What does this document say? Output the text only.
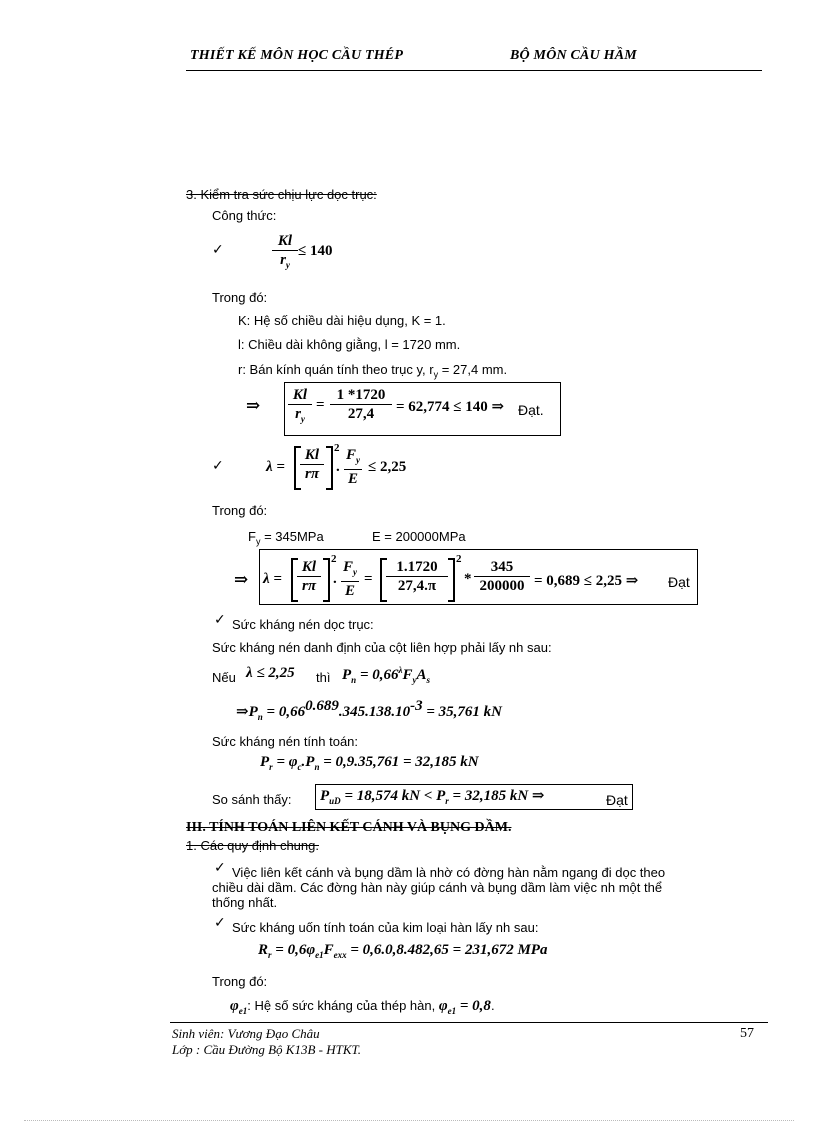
THIẾT KẾ MÔN HỌC CẦU THÉP	BỘ MÔN CẦU HẦM
3. Kiểm tra sức chịu lực dọc trục:
Công thức:
✓
Kl
$r_y$
≤ 140
Trong đó:
K: Hệ số chiều dài hiệu dụng, K = 1.
l: Chiều dài không giằng, l = 1720 mm.
r: Bán kính quán tính theo trục y, $r_y = 27,4$ mm.
⇒
Kl
$r_y$
=
1 *1720
27,4	= 62,774 ≤ 140 ⇒ Đạt.
✓	λ =
Kl
rπ
2
.
$F_y$
E
≤ 2,25
Trong đó:
$F_y = 345MPa$	E = 200000MPa
⇒ λ =
Kl
rπ
2
.
$F_y$
E
=
1.1720
27,4.π
2
*
345
200000 = 0,689 ≤ 2,25 ⇒ Đạt
✓ Sức kháng nén dọc trục:
Sức kháng nén danh định của cột liên hợp phải lấy nh sau:
Nếu λ ≤ 2,25 thì $P_n = 0,66^\lambda F_yA_s$
$\Rightarrow P_n = 0,66^{0.689}.345.138.10^{-3} = 35,761$ kN
Sức kháng nén tính toán:
$P_r = \varphi_c.P_n = 0,9.35,761 = 32,185$ kN
So sánh thấy: $P_{uD} = 18,574$ kN < $P_r = 32,185$ kN ⇒	Đạt
III. TÍNH TOÁN LIÊN KẾT CÁNH VÀ BỤNG DẦM.
1. Các quy định chung.
✓ Việc liên kết cánh và bụng dầm là nhờ có đờng hàn nằm ngang đi dọc theo
chiều dài dầm. Các đờng hàn này giúp cánh và bụng dầm làm việc nh một thể
thống nhất.
✓ Sức kháng uốn tính toán của kim loại hàn lấy nh sau:
$R_r = 0,6\varphi_{e1}F_{exx} = 0,6.0,8.482,65 = 231,672$ MPa
Trong đó:
$\varphi_{e1}$: Hệ số sức kháng của thép hàn, $\varphi_{e1} = 0,8$.
Sinh viên: Vương Đạo Châu
Lớp : Cầu Đường Bộ K13B - HTKT.
57
